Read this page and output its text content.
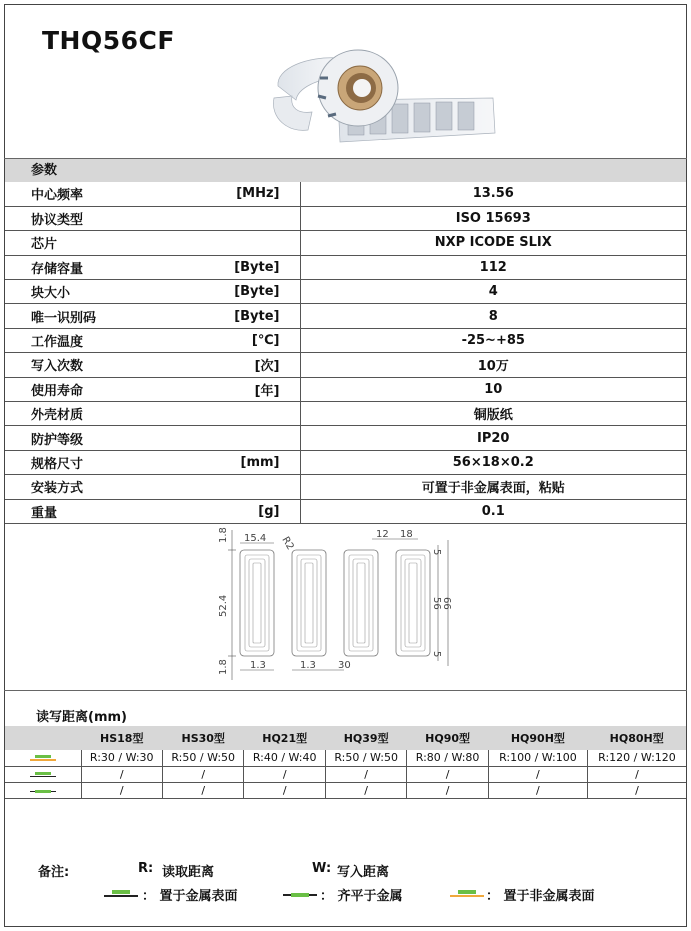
THQ56CF
参数
中心频率	[MHz]	13.56
协议类型		ISO 15693
芯片		NXP ICODE SLIX
存储容量	[Byte]	112
块大小	[Byte]	4
唯一识别码	[Byte]	8
工作温度	[℃]	-25~+85
写入次数	[次]	10万
使用寿命	[年]	10
外壳材质		铜版纸
防护等级		IP20
规格尺寸	[mm]	56×18×0.2
安装方式		可置于非金属表面，粘贴
重量	[g]	0.1
1.8 15.4 R2
12 18
52.4
1.8 1.3	1.3 30
5
56 66
5
读写距离(mm)
	HS18型	HS30型	HQ21型	HQ39型	HQ90型	HQ90H型	HQ80H型

	R:30 / W:30	R:50 / W:50	R:40 / W:40	R:50 / W:50	R:80 / W:80	R:100 / W:100	R:120 / W:120

	/	/	/	/	/	/	/

	/	/	/	/	/	/	/
备注:	R: 读取距离	W: 写入距离
： 置于金属表面	： 齐平于金属	： 置于非金属表面
